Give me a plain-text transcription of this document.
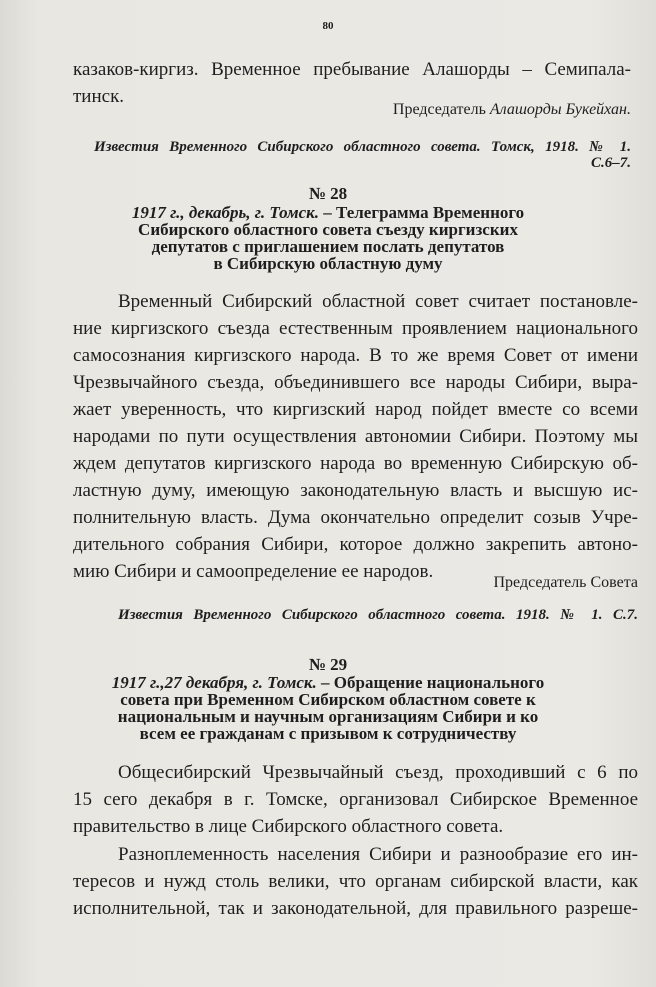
80
казаков-киргиз. Временное пребывание Алашорды – Семипала-
тинск.
Председатель Алашорды Букейхан.
Известия Временного Сибирского областного совета. Томск, 1918. № 1.
С.6–7.
№ 28
1917 г., декабрь, г. Томск. – Телеграмма Временного
Сибирского областного совета съезду киргизских
депутатов с приглашением послать депутатов
в Сибирскую областную думу
Временный Сибирский областной совет считает постановле-
ние киргизского съезда естественным проявлением национального
самосознания киргизского народа. В то же время Совет от имени
Чрезвычайного съезда, объединившего все народы Сибири, выра-
жает уверенность, что киргизский народ пойдет вместе со всеми
народами по пути осуществления автономии Сибири. Поэтому мы
ждем депутатов киргизского народа во временную Сибирскую об-
ластную думу, имеющую законодательную власть и высшую ис-
полнительную власть. Дума окончательно определит созыв Учре-
дительного собрания Сибири, которое должно закрепить автоно-
мию Сибири и самоопределение ее народов.
Председатель Совета
Известия Временного Сибирского областного совета. 1918. № 1. С.7.
№ 29
1917 г.,27 декабря, г. Томск. – Обращение национального
совета при Временном Сибирском областном совете к
национальным и научным организациям Сибири и ко
всем ее гражданам с призывом к сотрудничеству
Общесибирский Чрезвычайный съезд, проходивший с 6 по
15 сего декабря в г. Томске, организовал Сибирское Временное
правительство в лице Сибирского областного совета.
Разноплеменность населения Сибири и разнообразие его ин-
тересов и нужд столь велики, что органам сибирской власти, как
исполнительной, так и законодательной, для правильного разреше-
